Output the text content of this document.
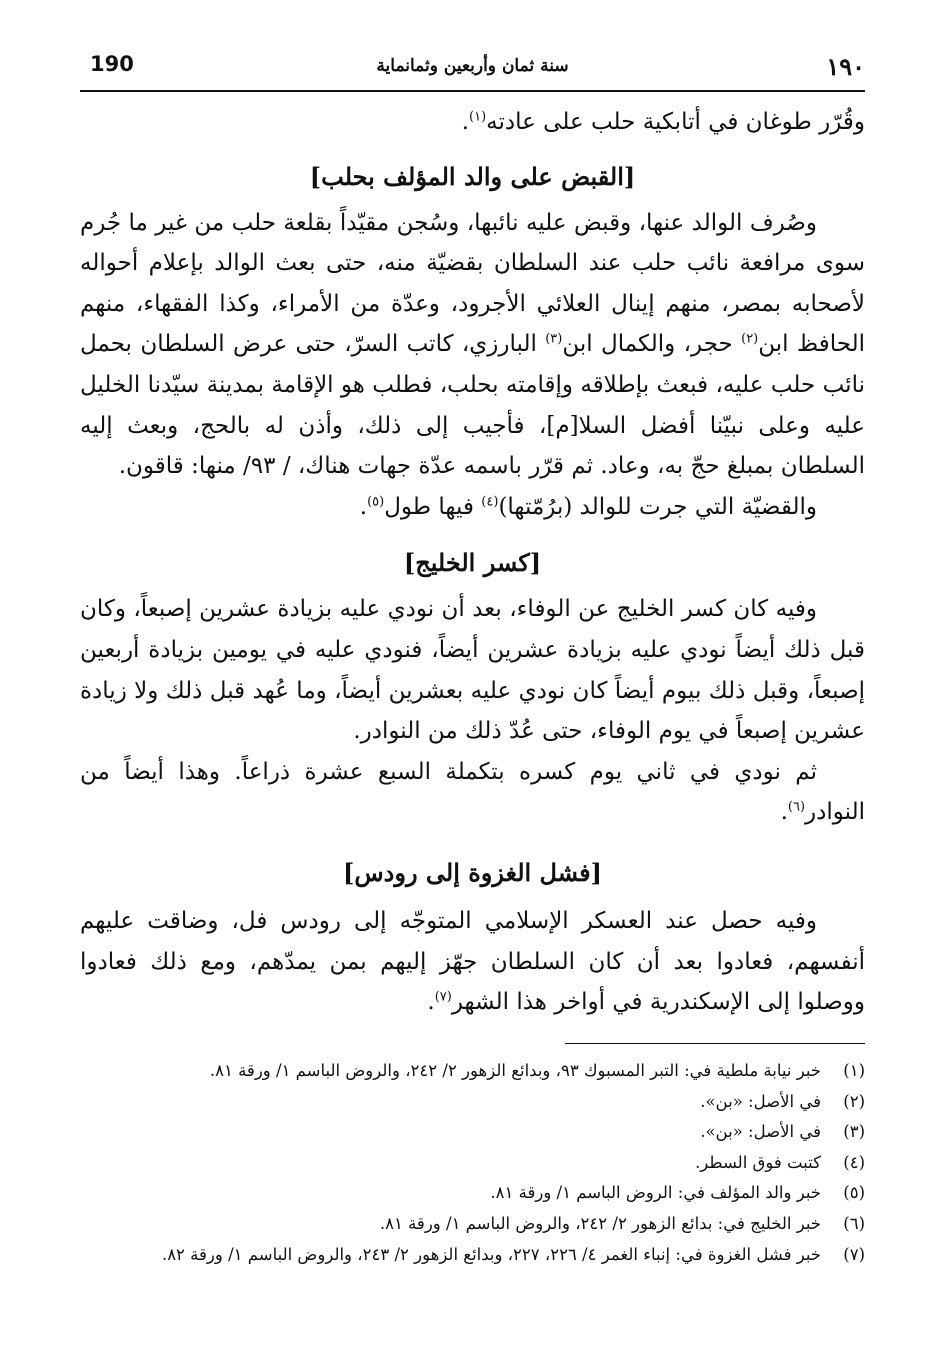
190	سنة ثمان وأربعين وثمانماية	١٩٠

وقُرّر طوغان في أتابكية حلب على عادته$^{(١)}$.

[القبض على والد المؤلف بحلب]

وصُرف الوالد عنها، وقبض عليه نائبها، وسُجن مقيّداً بقلعة حلب من غير ما جُرم سوى مرافعة نائب حلب عند السلطان بقضيّة منه، حتى بعث الوالد بإعلام أحواله لأصحابه بمصر، منهم إينال العلائي الأجرود، وعدّة من الأمراء، وكذا الفقهاء، منهم الحافظ ابن$^{(٢)}$ حجر، والكمال ابن$^{(٣)}$ البارزي، كاتب السرّ، حتى عرض السلطان بحمل نائب حلب عليه، فبعث بإطلاقه وإقامته بحلب، فطلب هو الإقامة بمدينة سيّدنا الخليل عليه وعلى نبيّنا أفضل السلا[م]، فأجيب إلى ذلك، وأذن له بالحج، وبعث إليه السلطان بمبلغ حجّ به، وعاد. ثم قرّر باسمه عدّة جهات هناك، / ٩٣/ منها: قاقون.

والقضيّة التي جرت للوالد (برُمّتها)$^{(٤)}$ فيها طول$^{(٥)}$.

[كسر الخليج]

وفيه كان كسر الخليج عن الوفاء، بعد أن نودي عليه بزيادة عشرين إصبعاً، وكان قبل ذلك أيضاً نودي عليه بزيادة عشرين أيضاً، فنودي عليه في يومين بزيادة أربعين إصبعاً، وقبل ذلك بيوم أيضاً كان نودي عليه بعشرين أيضاً، وما عُهد قبل ذلك ولا زيادة عشرين إصبعاً في يوم الوفاء، حتى عُدّ ذلك من النوادر.

ثم نودي في ثاني يوم كسره بتكملة السبع عشرة ذراعاً. وهذا أيضاً من النوادر$^{(٦)}$.

[فشل الغزوة إلى رودس]

وفيه حصل عند العسكر الإسلامي المتوجّه إلى رودس فل، وضاقت عليهم أنفسهم، فعادوا بعد أن كان السلطان جهّز إليهم بمن يمدّهم، ومع ذلك فعادوا ووصلوا إلى الإسكندرية في أواخر هذا الشهر$^{(٧)}$.

(١)
خبر نيابة ملطية في: التبر المسبوك ٩٣، وبدائع الزهور ٢/ ٢٤٢، والروض الباسم ١/ ورقة ٨١.
(٢)
في الأصل: «بن».
(٣)
في الأصل: «بن».
(٤)
كتبت فوق السطر.
(٥)
خبر والد المؤلف في: الروض الباسم ١/ ورقة ٨١.
(٦)
خبر الخليج في: بدائع الزهور ٢/ ٢٤٢، والروض الباسم ١/ ورقة ٨١.
(٧)
خبر فشل الغزوة في: إنباء الغمر ٤/ ٢٢٦، ٢٢٧، وبدائع الزهور ٢/ ٢٤٣، والروض الباسم ١/ ورقة ٨٢.
